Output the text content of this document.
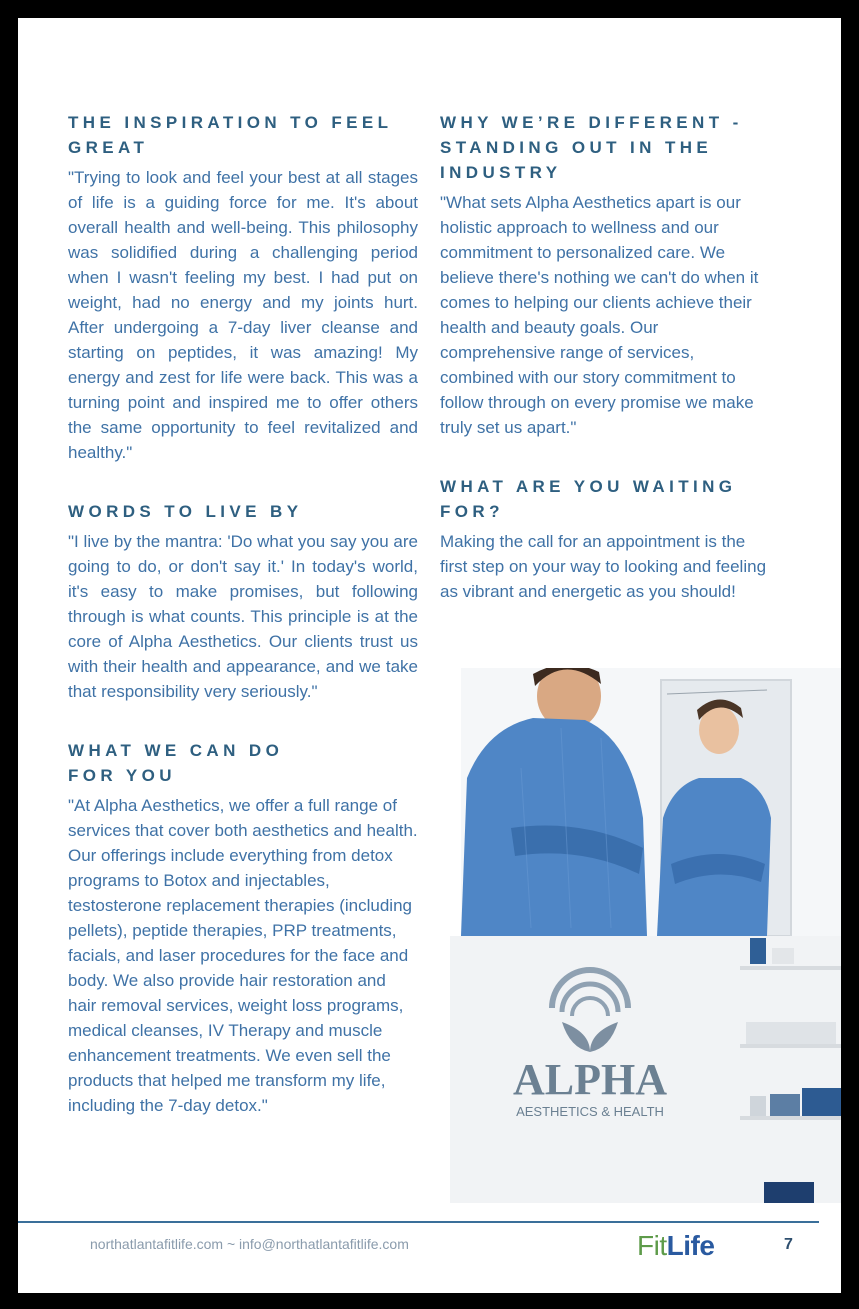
THE INSPIRATION TO FEEL GREAT

"Trying to look and feel your best at all stages of life is a guiding force for me. It's about overall health and well-being. This philosophy was solidified during a challenging period when I wasn't feeling my best. I had put on weight, had no energy and my joints hurt. After undergoing a 7-day liver cleanse and starting on peptides, it was amazing! My energy and zest for life were back. This was a turning point and inspired me to offer others the same opportunity to feel revitalized and healthy."

WORDS TO LIVE BY

"I live by the mantra: 'Do what you say you are going to do, or don't say it.' In today's world, it's easy to make promises, but following through is what counts. This principle is at the core of Alpha Aesthetics. Our clients trust us with their health and appearance, and we take that responsibility very seriously."

WHAT WE CAN DO FOR YOU

"At Alpha Aesthetics, we offer a full range of services that cover both aesthetics and health. Our offerings include everything from detox programs to Botox and injectables, testosterone replacement therapies (including pellets), peptide therapies, PRP treatments, facials, and laser procedures for the face and body. We also provide hair restoration and hair removal services, weight loss programs, medical cleanses, IV Therapy and muscle enhancement treatments. We even sell the products that helped me transform my life, including the 7-day detox."

WHY WE’RE DIFFERENT - STANDING OUT IN THE INDUSTRY

"What sets Alpha Aesthetics apart is our holistic approach to wellness and our commitment to personalized care. We believe there's nothing we can't do when it comes to helping our clients achieve their health and beauty goals. Our comprehensive range of services, combined with our story commitment to follow through on every promise we make truly set us apart."

WHAT ARE YOU WAITING FOR?

Making the call for an appointment is the first step on your way to looking and feeling as vibrant and energetic as you should!

ALPHA
AESTHETICS & HEALTH
northatlantafitlife.com ~ info@northatlantafitlife.com	FitLife	7
